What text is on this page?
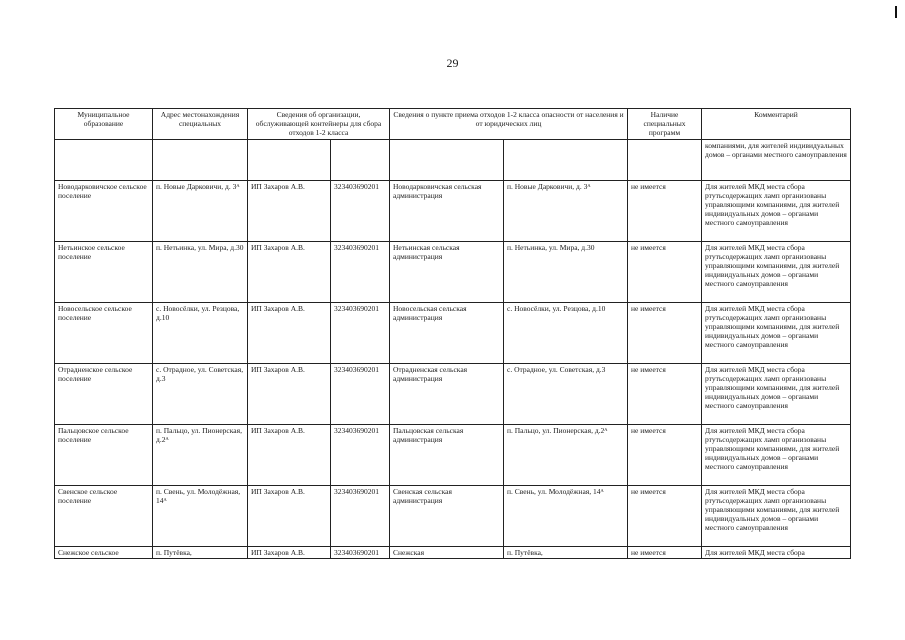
29
Муниципальное образование	Адрес местонахождения специальных	Сведения об организации, обслуживающей контейнеры для сбора отходов 1-2 класса		Сведения о пункте приема отходов 1-2 класса опасности от населения и от юридических лиц		Наличие специальных программ	Комментарий
							компаниями, для жителей индивидуальных домов – органами местного самоуправления
Новодарковичское сельское поселение	п. Новые Дарковичи, д. 3ᴬ	ИП Захаров А.В.	323403690201	Новодарковичская сельская администрация	п. Новые Дарковичи, д. 3ᴬ	не имеется	Для жителей МКД места сбора ртутьсодержащих ламп организованы управляющими компаниями, для жителей индивидуальных домов – органами местного самоуправления
Нетьинское сельское поселение	п. Нетьинка, ул. Мира, д.30	ИП Захаров А.В.	323403690201	Нетьинская сельская администрация	п. Нетьинка, ул. Мира, д.30	не имеется	Для жителей МКД места сбора ртутьсодержащих ламп организованы управляющими компаниями, для жителей индивидуальных домов – органами местного самоуправления
Новосельское сельское поселение	с. Новосёлки, ул. Резцова, д.10	ИП Захаров А.В.	323403690201	Новосельская сельская администрация	с. Новосёлки, ул. Резцова, д.10	не имеется	Для жителей МКД места сбора ртутьсодержащих ламп организованы управляющими компаниями, для жителей индивидуальных домов – органами местного самоуправления
Отрадненское сельское поселение	с. Отрадное, ул. Советская, д.3	ИП Захаров А.В.	323403690201	Отрадненская сельская администрация	с. Отрадное, ул. Советская, д.3	не имеется	Для жителей МКД места сбора ртутьсодержащих ламп организованы управляющими компаниями, для жителей индивидуальных домов – органами местного самоуправления
Пальцовское сельское поселение	п. Пальцо, ул. Пионерская, д.2ᴬ	ИП Захаров А.В.	323403690201	Пальцовская сельская администрация	п. Пальцо, ул. Пионерская, д.2ᴬ	не имеется	Для жителей МКД места сбора ртутьсодержащих ламп организованы управляющими компаниями, для жителей индивидуальных домов – органами местного самоуправления
Свенское сельское поселение	п. Свень, ул. Молодёжная, 14ᴬ	ИП Захаров А.В.	323403690201	Свенская сельская администрация	п. Свень, ул. Молодёжная, 14ᴬ	не имеется	Для жителей МКД места сбора ртутьсодержащих ламп организованы управляющими компаниями, для жителей индивидуальных домов – органами местного самоуправления
Снежское сельское	п. Путёвка,	ИП Захаров А.В.	323403690201	Снежская	п. Путёвка,	не имеется	Для жителей МКД места сбора
